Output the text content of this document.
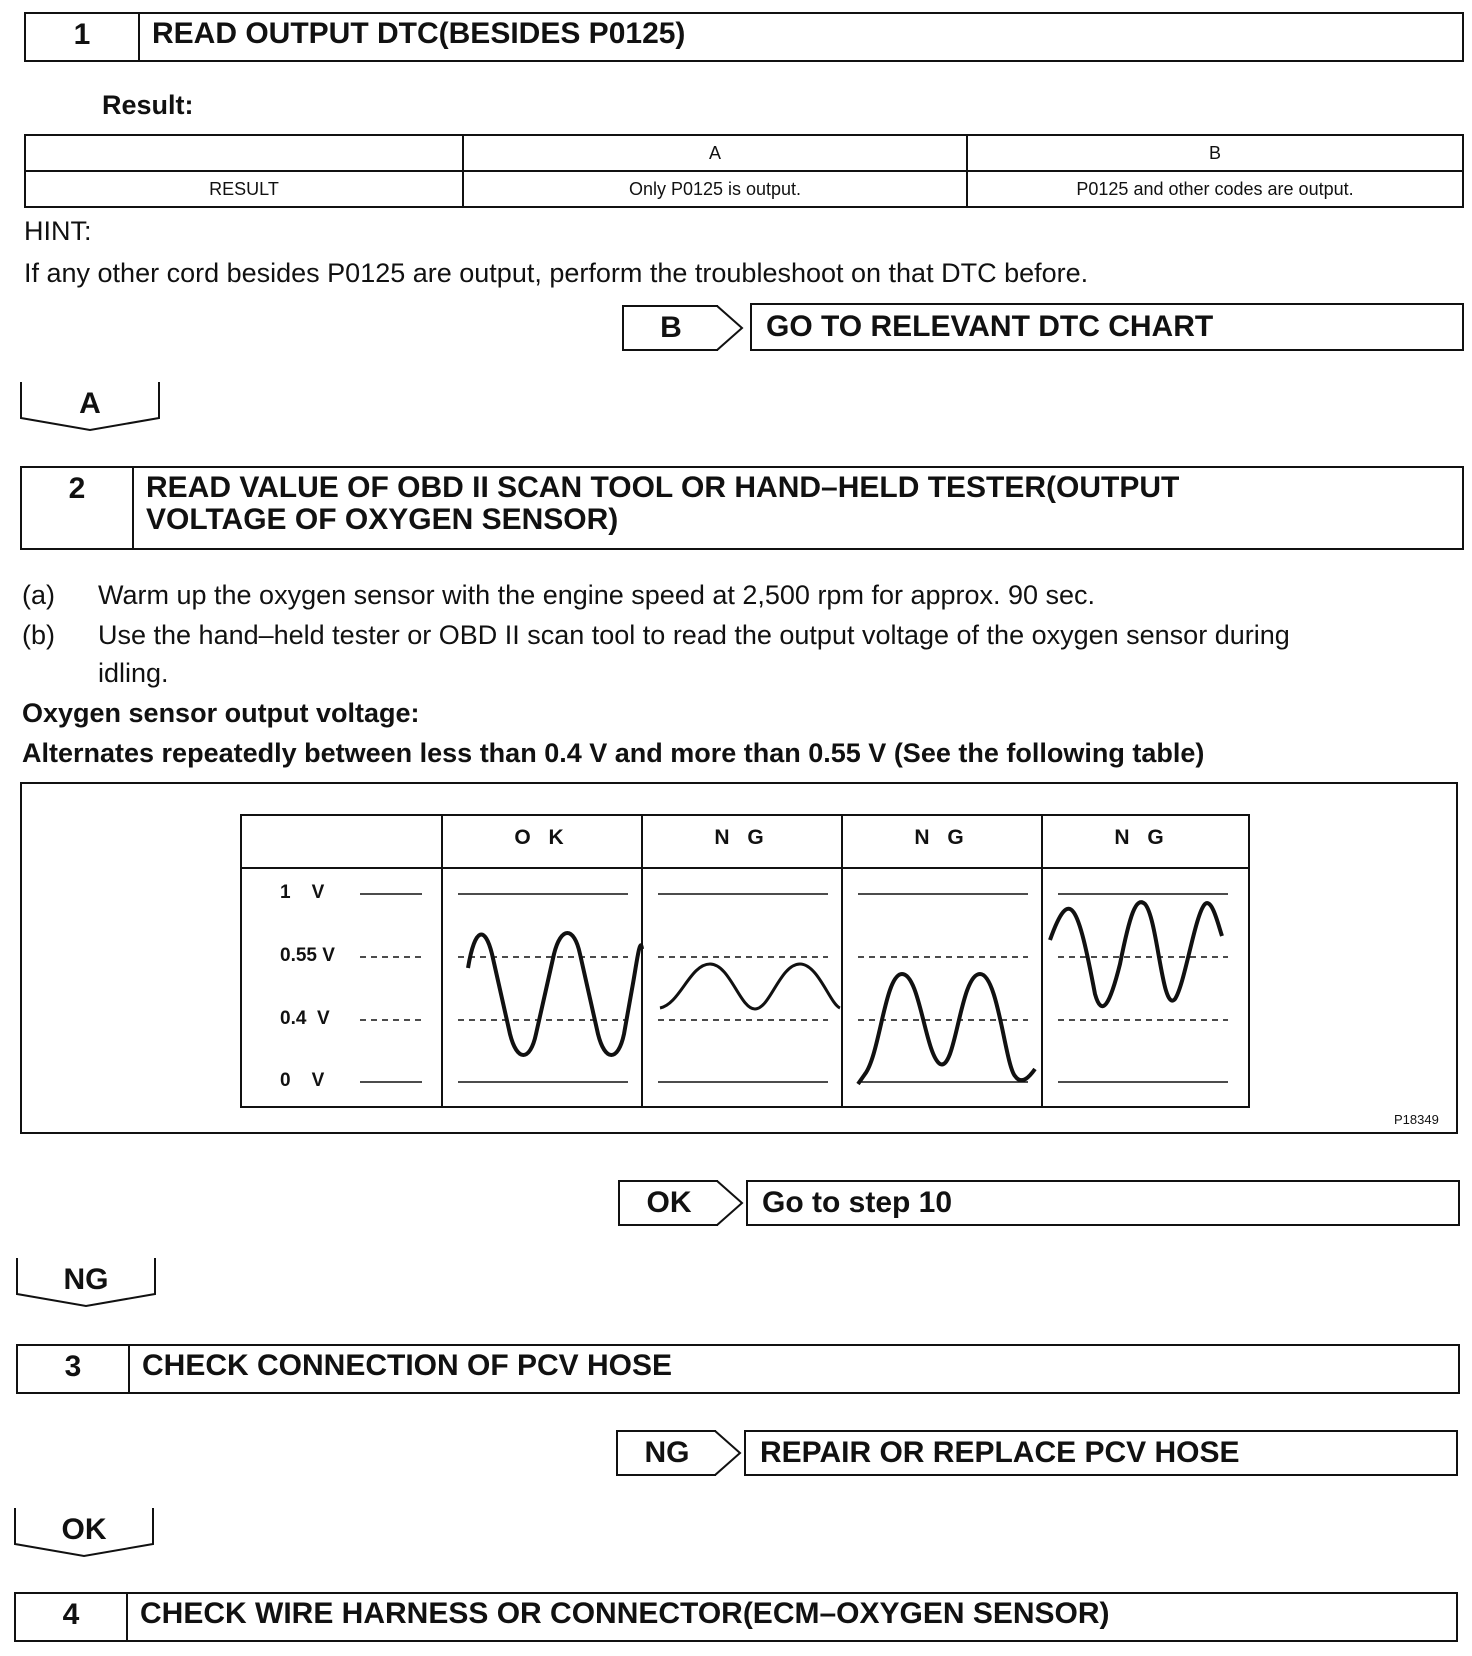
1	READ OUTPUT DTC(BESIDES P0125)
Result:
	A	B
RESULT	Only P0125 is output.	P0125 and other codes are output.
HINT:
If any other cord besides P0125 are output, perform the troubleshoot on that DTC before.
B	GO TO RELEVANT DTC CHART
A
2	READ VALUE OF OBD II SCAN TOOL OR HAND–HELD TESTER(OUTPUT
VOLTAGE OF OXYGEN SENSOR)
(a) Warm up the oxygen sensor with the engine speed at 2,500 rpm for approx. 90 sec.
(b) Use the hand–held tester or OBD II scan tool to read the output voltage of the oxygen sensor during
idling.
Oxygen sensor output voltage:
Alternates repeatedly between less than 0.4 V and more than 0.55 V (See the following table)
O K	N G	N G	N G
1    V
0.55 V
0.4  V
0    V
P18349
OK Go to step 10
NG
3	CHECK CONNECTION OF PCV HOSE
NG REPAIR OR REPLACE PCV HOSE
OK
4	CHECK WIRE HARNESS OR CONNECTOR(ECM–OXYGEN SENSOR)
